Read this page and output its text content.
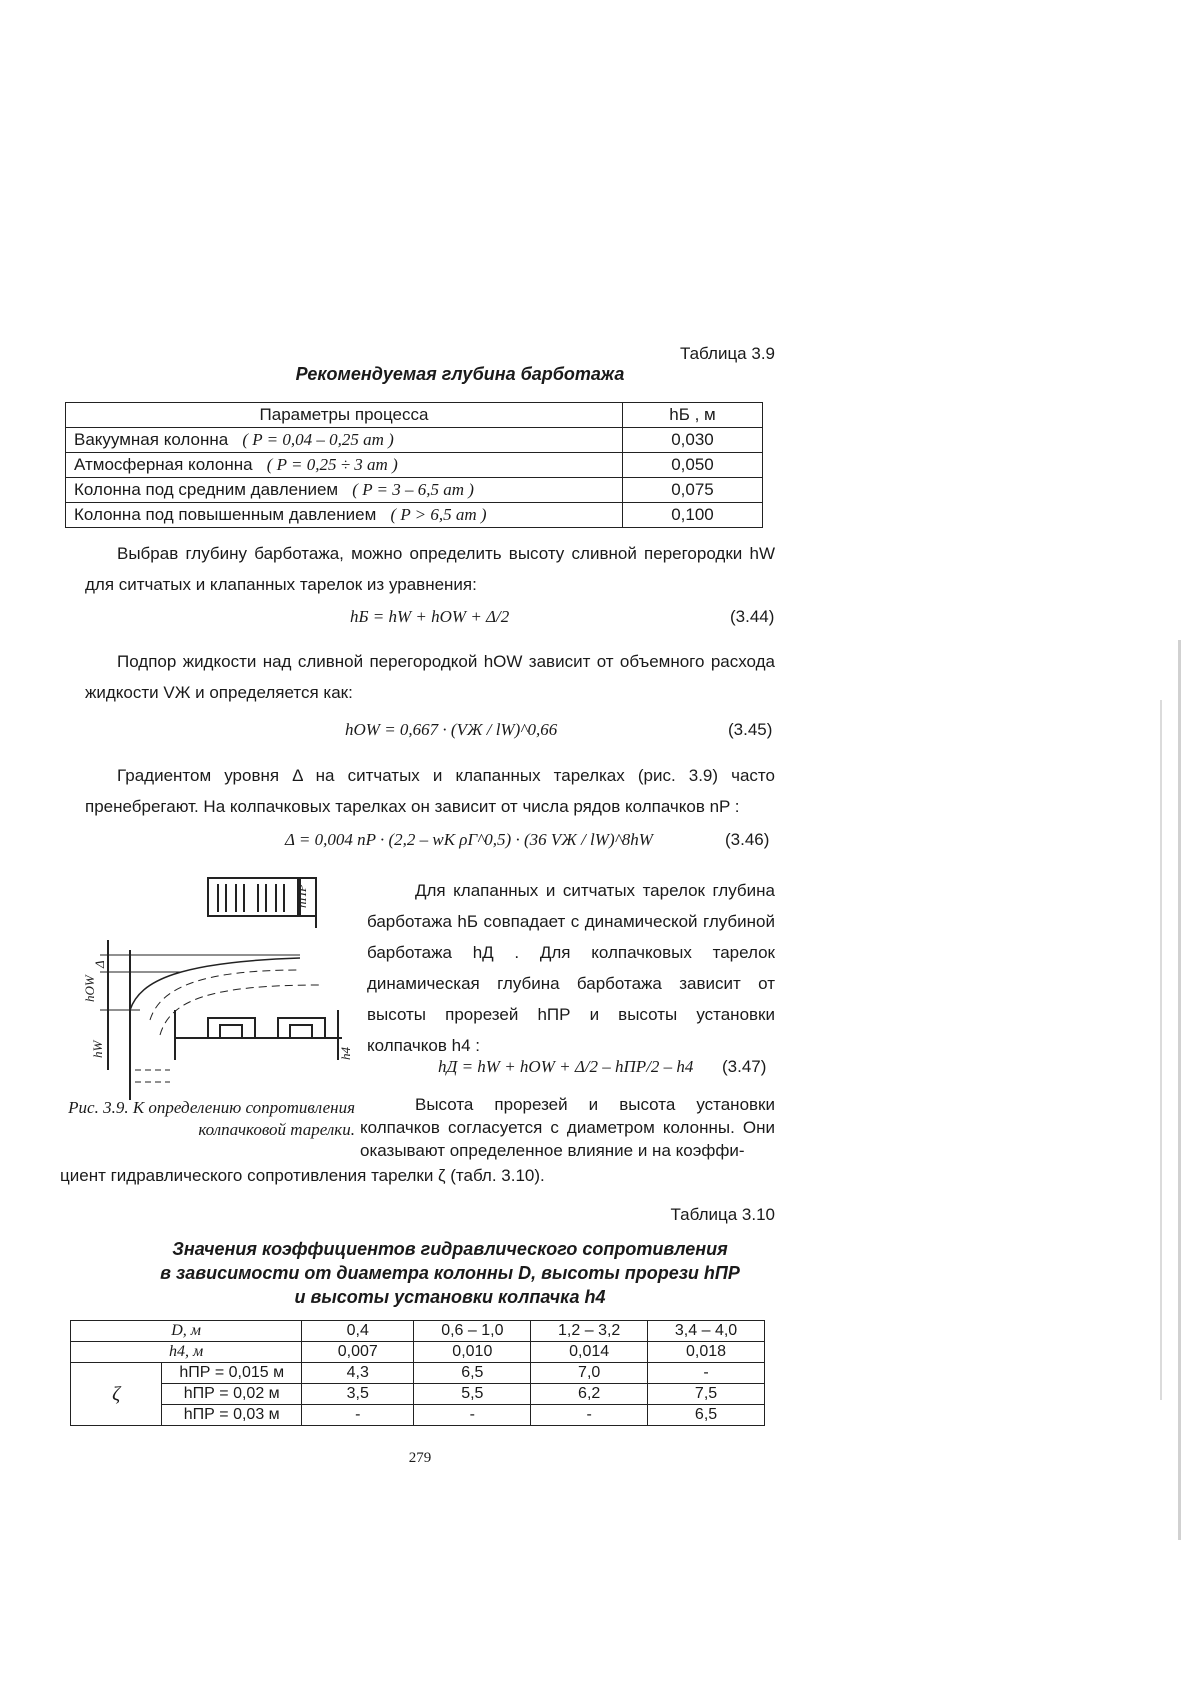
Таблица 3.9
Рекомендуемая глубина барботажа
Параметры процесса	hБ , м
Вакуумная колонна ( P = 0,04 – 0,25 ат )	0,030
Атмосферная колонна ( P = 0,25 ÷ 3 ат )	0,050
Колонна под средним давлением ( P = 3 – 6,5 ат )	0,075
Колонна под повышенным давлением ( P > 6,5 ат )	0,100

Выбрав глубину барботажа, можно определить высоту сливной перегородки hW для ситчатых и клапанных тарелок из уравнения:

hБ = hW + hOW + Δ/2	(3.44)

Подпор жидкости над сливной перегородкой hOW зависит от объемного расхода жидкости VЖ и определяется как:

hOW = 0,667 · (VЖ / lW)^0,66	(3.45)

Градиентом уровня Δ на ситчатых и клапанных тарелках (рис. 3.9) часто пренебрегают. На колпачковых тарелках он зависит от числа рядов колпачков nP :

Δ = 0,004 nP · (2,2 – wK ρГ^0,5) · (36 VЖ / lW)^8hW	(3.46)
hПР
Δ
hOW
hW	h4

Для клапанных и ситчатых тарелок глубина барботажа hБ совпадает с динамической глубиной барботажа hД . Для колпачковых тарелок динамическая глубина барботажа зависит от высоты прорезей hПР и высоты установки колпачков h4 :

hД = hW + hOW + Δ/2 – hПР/2 – h4 (3.47)
Рис. 3.9. К определению сопротивления колпачковой тарелки.

Высота прорезей и высота установки колпачков согласуется с диаметром колонны. Они оказывают определенное влияние и на коэффи-

циент гидравлического сопротивления тарелки ζ (табл. 3.10).

Таблица 3.10
Значения коэффициентов гидравлического сопротивления
в зависимости от диаметра колонны D, высоты прорези hПР
и высоты установки колпачка h4
D, м		0,4	0,6 – 1,0	1,2 – 3,2	3,4 – 4,0
h4, м		0,007	0,010	0,014	0,018
ζ	hПР = 0,015 м	4,3	6,5	7,0	-
	hПР = 0,02 м	3,5	5,5	6,2	7,5
	hПР = 0,03 м	-	-	-	6,5
279
